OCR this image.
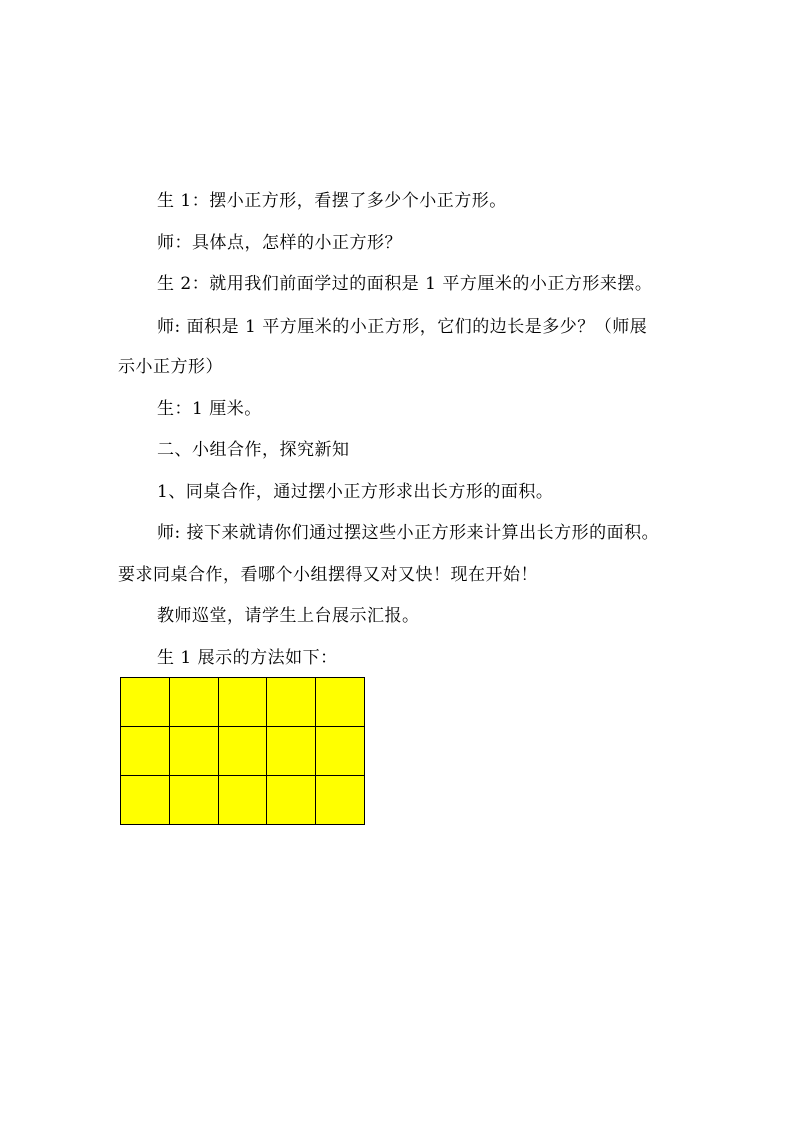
生 1：摆小正方形，看摆了多少个小正方形。
师：具体点，怎样的小正方形？
生 2：就用我们前面学过的面积是 1 平方厘米的小正方形来摆。
师: 面积是 1 平方厘米的小正方形，它们的边长是多少？（师展
示小正方形）
生：1 厘米。
二、小组合作，探究新知
1、同桌合作，通过摆小正方形求出长方形的面积。
师: 接下来就请你们通过摆这些小正方形来计算出长方形的面积。
要求同桌合作，看哪个小组摆得又对又快！现在开始！
教师巡堂，请学生上台展示汇报。
生 1 展示的方法如下：
